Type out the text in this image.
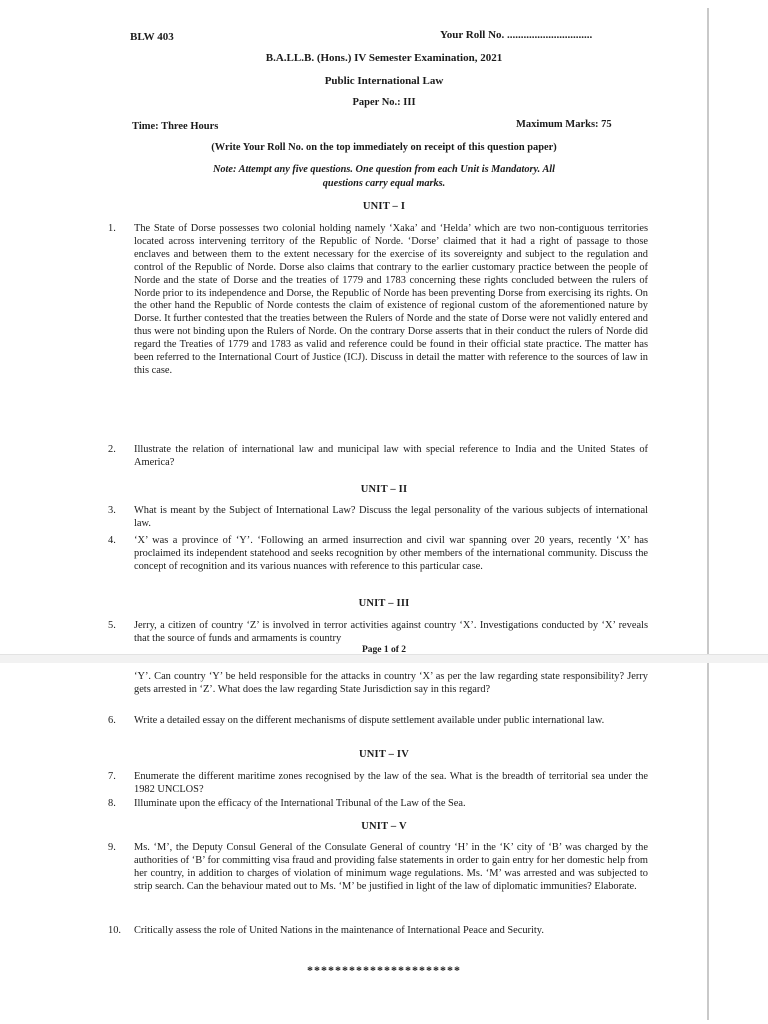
BLW 403	Your Roll No. ...............................
B.A.LL.B. (Hons.) IV Semester Examination, 2021
Public International Law
Paper No.: III
Time: Three Hours	Maximum Marks: 75
(Write Your Roll No. on the top immediately on receipt of this question paper)
Note: Attempt any five questions. One question from each Unit is Mandatory. All
questions carry equal marks.
UNIT – I
1.	The State of Dorse possesses two colonial holding namely ‘Xaka’ and ‘Helda’ which are two non-contiguous territories located across intervening territory of the Republic of Norde. ‘Dorse’ claimed that it had a right of passage to those enclaves and between them to the extent necessary for the exercise of its sovereignty and subject to the regulation and control of the Republic of Norde. Dorse also claims that contrary to the earlier customary practice between the people of Norde and the state of Dorse and the treaties of 1779 and 1783 concerning these rights concluded between the rulers of Norde prior to its independence and Dorse, the Republic of Norde has been preventing Dorse from exercising its rights. On the other hand the Republic of Norde contests the claim of existence of regional custom of the aforementioned nature by Dorse. It further contested that the treaties between the Rulers of Norde and the state of Dorse were not validly entered and thus were not binding upon the Rulers of Norde. On the contrary Dorse asserts that in their conduct the rulers of Norde did regard the Treaties of 1779 and 1783 as valid and reference could be found in their official state practice. The matter has been referred to the International Court of Justice (ICJ). Discuss in detail the matter with reference to the sources of law in this case.
2.	Illustrate the relation of international law and municipal law with special reference to India and the United States of America?
UNIT – II
3.	What is meant by the Subject of International Law? Discuss the legal personality of the various subjects of international law.
4.	‘X’ was a province of ‘Y’. ‘Following an armed insurrection and civil war spanning over 20 years, recently ‘X’ has proclaimed its independent statehood and seeks recognition by other members of the international community. Discuss the concept of recognition and its various nuances with reference to this particular case.
UNIT – III
5.	Jerry, a citizen of country ‘Z’ is involved in terror activities against country ‘X’. Investigations conducted by ‘X’ reveals that the source of funds and armaments is country
Page 1 of 2
‘Y’. Can country ‘Y’ be held responsible for the attacks in country ‘X’ as per the law regarding state responsibility? Jerry gets arrested in ‘Z’. What does the law regarding State Jurisdiction say in this regard?
6.	Write a detailed essay on the different mechanisms of dispute settlement available under public international law.
UNIT – IV
7.	Enumerate the different maritime zones recognised by the law of the sea. What is the breadth of territorial sea under the 1982 UNCLOS?
8.	Illuminate upon the efficacy of the International Tribunal of the Law of the Sea.
UNIT – V
9.	Ms. ‘M’, the Deputy Consul General of the Consulate General of country ‘H’ in the ‘K’ city of ‘B’ was charged by the authorities of ‘B’ for committing visa fraud and providing false statements in order to gain entry for her domestic help from her country, in addition to charges of violation of minimum wage regulations. Ms. ‘M’ was arrested and was subjected to strip search. Can the behaviour mated out to Ms. ‘M’ be justified in light of the law of diplomatic immunities? Elaborate.
10.	Critically assess the role of United Nations in the maintenance of International Peace and Security.
**********************
